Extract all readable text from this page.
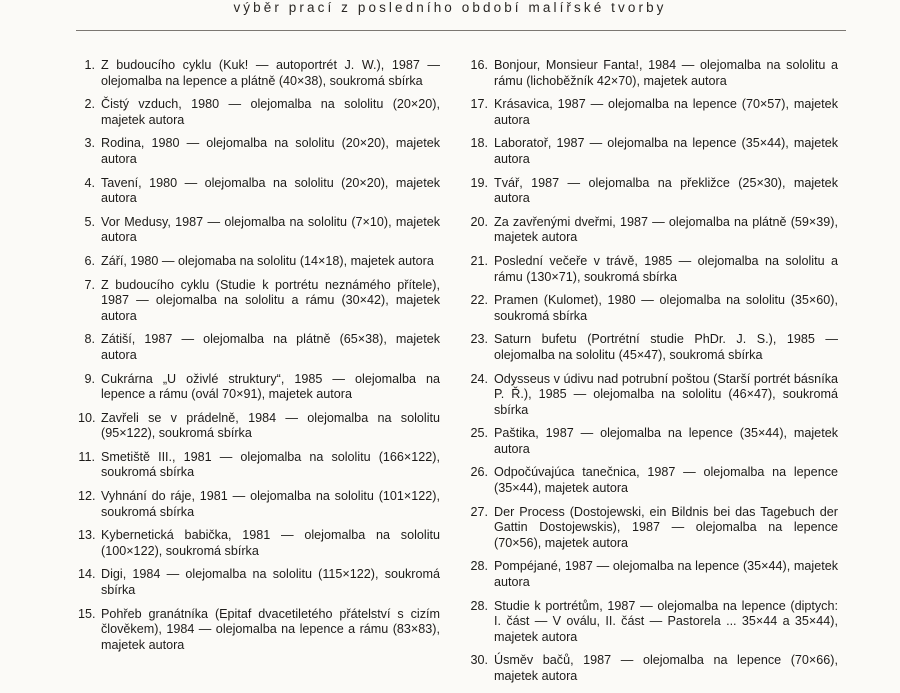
výběr prací z posledního období malířské tvorby
1. Z budoucího cyklu (Kuk! — autoportrét J. W.), 1987 — olejomalba na lepence a plátně (40×38), soukromá sbírka
2. Čistý vzduch, 1980 — olejomalba na sololitu (20×20), majetek autora
3. Rodina, 1980 — olejomalba na sololitu (20×20), majetek autora
4. Tavení, 1980 — olejomalba na sololitu (20×20), majetek autora
5. Vor Medusy, 1987 — olejomalba na sololitu (7×10), majetek autora
6. Září, 1980 — olejomaba na sololitu (14×18), majetek autora
7. Z budoucího cyklu (Studie k portrétu neznámého přítele), 1987 — olejomalba na sololitu a rámu (30×42), majetek autora
8. Zátiší, 1987 — olejomalba na plátně (65×38), majetek autora
9. Cukrárna „U oživlé struktury“, 1985 — olejomalba na lepence a rámu (ovál 70×91), majetek autora
10. Zavřeli se v prádelně, 1984 — olejomalba na sololitu (95×122), soukromá sbírka
11. Smetiště III., 1981 — olejomalba na sololitu (166×122), soukromá sbírka
12. Vyhnání do ráje, 1981 — olejomalba na sololitu (101×122), soukromá sbírka
13. Kybernetická babička, 1981 — olejomalba na sololitu (100×122), soukromá sbírka
14. Digi, 1984 — olejomalba na sololitu (115×122), soukromá sbírka
15. Pohřeb granátníka (Epitaf dvacetiletého přátelství s cizím člověkem), 1984 — olejomalba na lepence a rámu (83×83), majetek autora
16. Bonjour, Monsieur Fanta!, 1984 — olejomalba na sololitu a rámu (lichoběžník 42×70), majetek autora
17. Krásavica, 1987 — olejomalba na lepence (70×57), majetek autora
18. Laboratoř, 1987 — olejomalba na lepence (35×44), majetek autora
19. Tvář, 1987 — olejomalba na překližce (25×30), majetek autora
20. Za zavřenými dveřmi, 1987 — olejomalba na plátně (59×39), majetek autora
21. Poslední večeře v trávě, 1985 — olejomalba na sololitu a rámu (130×71), soukromá sbírka
22. Pramen (Kulomet), 1980 — olejomalba na sololitu (35×60), soukromá sbírka
23. Saturn bufetu (Portrétní studie PhDr. J. S.), 1985 — olejomalba na sololitu (45×47), soukromá sbírka
24. Odysseus v údivu nad potrubní poštou (Starší portrét básníka P. Ř.), 1985 — olejomalba na sololitu (46×47), soukromá sbírka
25. Paštika, 1987 — olejomalba na lepence (35×44), majetek autora
26. Odpočúvajúca tanečnica, 1987 — olejomalba na lepence (35×44), majetek autora
27. Der Process (Dostojewski, ein Bildnis bei das Tagebuch der Gattin Dostojewskis), 1987 — olejomalba na lepence (70×56), majetek autora
28. Pompéjané, 1987 — olejomalba na lepence (35×44), majetek autora
28. Studie k portrétům, 1987 — olejomalba na lepence (diptych: I. část — V oválu, II. část — Pastorela ... 35×44 a 35×44), majetek autora
30. Úsměv bačů, 1987 — olejomalba na lepence (70×66), majetek autora
